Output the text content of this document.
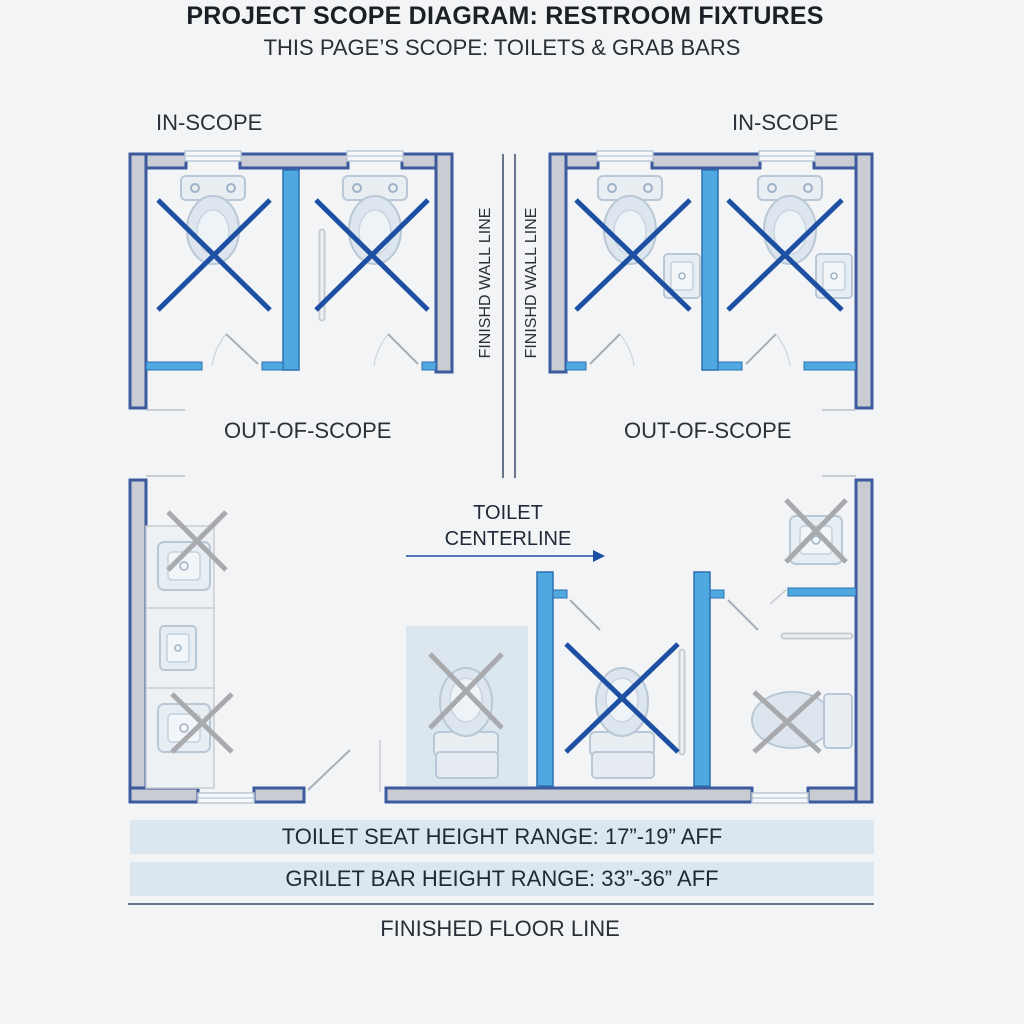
PROJECT SCOPE DIAGRAM: RESTROOM FIXTURES
THIS PAGE’S SCOPE: TOILETS & GRAB BARS
IN-SCOPE	IN-SCOPE
OUT-OF-SCOPE	OUT-OF-SCOPE
FINISHD WALL LINE FINISHD WALL LINE
TOILET
CENTERLINE
TOILET SEAT HEIGHT RANGE: 17”-19” AFF
GRILET BAR HEIGHT RANGE: 33”-36” AFF
FINISHED FLOOR LINE
